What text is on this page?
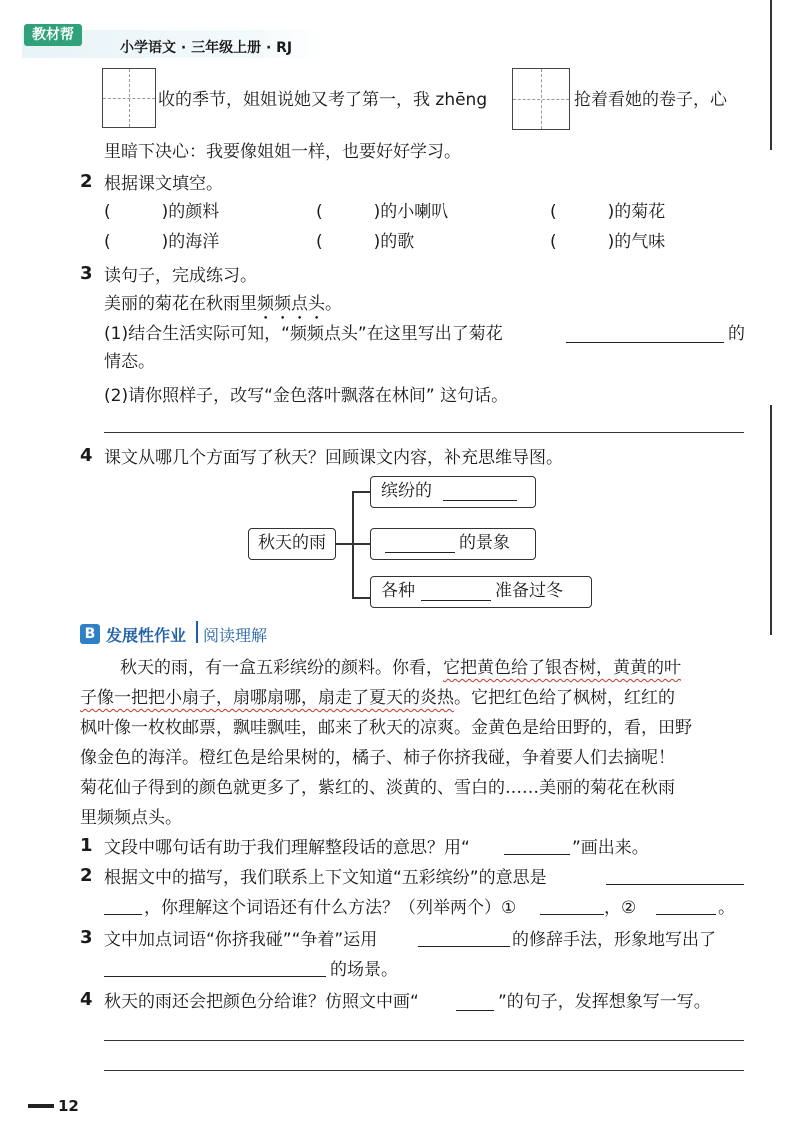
教材帮
小学语文 · 三年级上册 · RJ
收的季节，姐姐说她又考了第一，我 zhēng	抢着看她的卷子，心
里暗下决心：我要像姐姐一样，也要好好学习。
2 根据课文填空。
(　　　)的颜料	(　　　)的小喇叭	(　　　)的菊花
(　　　)的海洋	(　　　)的歌	(　　　)的气味
3 读句子，完成练习。
美丽的菊花在秋雨里频频点头。
(1)结合生活实际可知，“频频点头”在这里写出了菊花	的
情态。
(2)请你照样子，改写“金色落叶飘落在林间” 这句话。
4 课文从哪几个方面写了秋天？回顾课文内容，补充思维导图。
秋天的雨
缤纷的
的景象
各种	准备过冬
B 发展性作业 阅读理解
秋天的雨，有一盒五彩缤纷的颜料。你看，它把黄色给了银杏树，黄黄的叶
子像一把把小扇子，扇哪扇哪，扇走了夏天的炎热。它把红色给了枫树，红红的
枫叶像一枚枚邮票，飘哇飘哇，邮来了秋天的凉爽。金黄色是给田野的，看，田野
像金色的海洋。橙红色是给果树的，橘子、柿子你挤我碰，争着要人们去摘呢！
菊花仙子得到的颜色就更多了，紫红的、淡黄的、雪白的……美丽的菊花在秋雨
里频频点头。
1 文段中哪句话有助于我们理解整段话的意思？用“	”画出来。
2 根据文中的描写，我们联系上下文知道“五彩缤纷”的意思是
，你理解这个词语还有什么方法？（列举两个）①	，②	。
3 文中加点词语“你挤我碰”“争着”运用	的修辞手法，形象地写出了
的场景。
4 秋天的雨还会把颜色分给谁？仿照文中画“	”的句子，发挥想象写一写。
12
